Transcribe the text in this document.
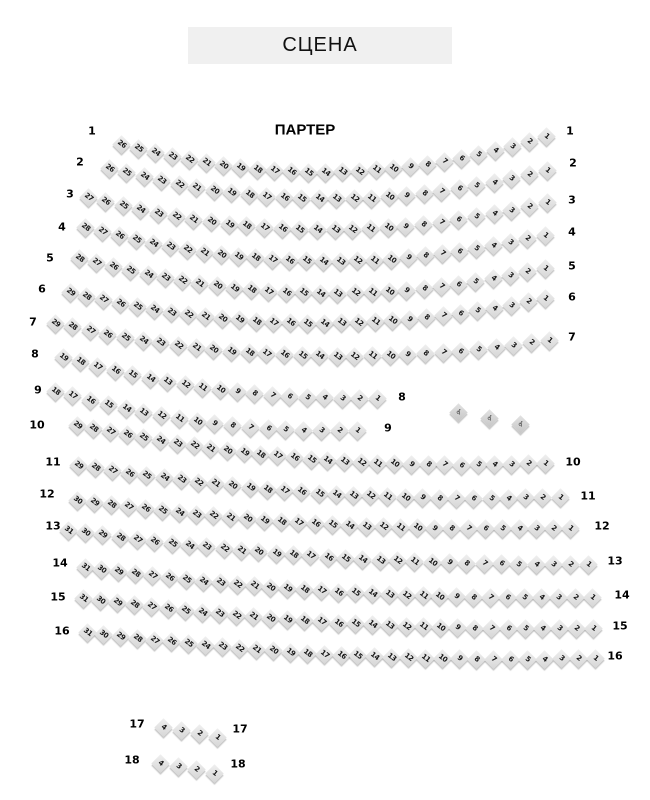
СЦЕНА
ПАРТЕР
1	1
26 25 24 23 22 21 20 19 18 17 16 15 14 13 12 11 10 9	8	7	6	5	4	3
2
1
2	2
26 25 24 23 22 21 20 19 18 17 16 15 14 13 12 11 10	9	8	7	6	5	4	3	2
1
3	3
27 26 25 24 23 22 21 20 19 18 17 16 15 14 13 12 11 10	9	8	7	6	5	4	3	2	1
4	4
28 27 26 25 24 23 22 21 20 19 18 17 16 15 14 13 12 11 10 9	8	7	6	5	4	3	2	1
5
5
28 27 26 25 24 23 22 21 20 19 18 17 16 15 14 13 12 11 10	9	8	7	6	5	4	3	2	1
6
6
29 28 27 26 25 24 23 22 21 20 19 18 17 16 15 14 13 12 11 10 9	8	7	6	5	4	3	2	1
7
7
29 28 27 26 25 24 23 22 21 20 19 18 17 16 15 14 13 12 11 10	9	8	7	6	5	4	3	2	1
8
8
19 18 17 16 15 14 13 12 11 10	9	8	7	6	5	4	3	2	1
9
9
18 17 16 15 14 13 12 11 10	9	8	7	6	5	4	3	2	1
10
10
29 28 27 26 25 24 23 22 21 20 19 18 17 16 15 14 13 12 11 10 9	8	7	6	5	4	3	2	1
11
11
29 28 27 26 25 24 23 22 21 20 19 18 17 16 15 14 13 12 11 10	9	8	7	6	5	4	3	2	1
12
12
30 29 28 27 26 25 24 23 22 21 20 19 18 17 16 15 14 13 12 11 10 9	8	7	6	5	4	3	2	1
13
13
31 30 29 28 27 26 25 24 23 22 21 20 19 18 17 16 15 14 13 12 11 10	9	8	7	6	5	4	3	2	1
14
14
31 30 29 28 27 26 25 24 23 22 21 20 19 18 17 16 15 14 13 12 11 10 9	8	7	6	5	4	3	2	1
15
15
31 30 29 28 27 26 25 24 23 22 21 20 19 18 17 16 15 14 13 12 11 10 9	8	7	6	5	4	3	2	1
16
16
31 30 29 28 27 26 25 24 23 22 21 20 19 18 17 16 15 14 13 12 11 10 9	8	7	6	5	4	3	2	1
17	17
4	3	2	1
18	18
4	3	2	1
♿
♿
♿
